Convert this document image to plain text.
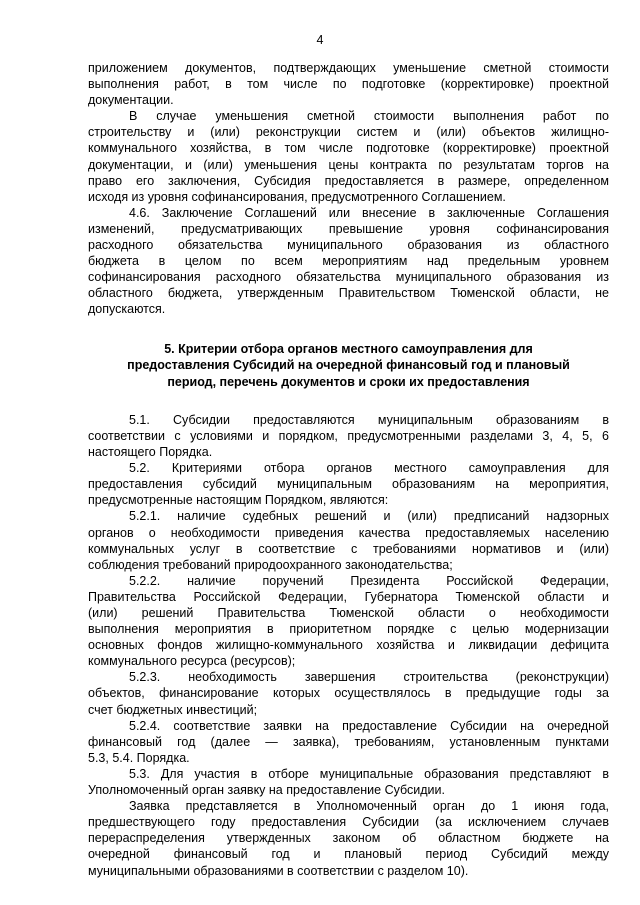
4
приложением документов, подтверждающих уменьшение сметной стоимости
выполнения работ, в том числе по подготовке (корректировке) проектной
документации.
В случае уменьшения сметной стоимости выполнения работ по
строительству и (или) реконструкции систем и (или) объектов жилищно-
коммунального хозяйства, в том числе подготовке (корректировке) проектной
документации, и (или) уменьшения цены контракта по результатам торгов на
право его заключения, Субсидия предоставляется в размере, определенном
исходя из уровня софинансирования, предусмотренного Соглашением.
4.6. Заключение Соглашений или внесение в заключенные Соглашения
изменений, предусматривающих превышение уровня софинансирования
расходного обязательства муниципального образования из областного
бюджета в целом по всем мероприятиям над предельным уровнем
софинансирования расходного обязательства муниципального образования из
областного бюджета, утвержденным Правительством Тюменской области, не
допускаются.
5. Критерии отбора органов местного самоуправления для
предоставления Субсидий на очередной финансовый год и плановый
период, перечень документов и сроки их предоставления
5.1. Субсидии предоставляются муниципальным образованиям в
соответствии с условиями и порядком, предусмотренными разделами 3, 4, 5, 6
настоящего Порядка.
5.2. Критериями отбора органов местного самоуправления для
предоставления субсидий муниципальным образованиям на мероприятия,
предусмотренные настоящим Порядком, являются:
5.2.1. наличие судебных решений и (или) предписаний надзорных
органов о необходимости приведения качества предоставляемых населению
коммунальных услуг в соответствие с требованиями нормативов и (или)
соблюдения требований природоохранного законодательства;
5.2.2. наличие поручений Президента Российской Федерации,
Правительства Российской Федерации, Губернатора Тюменской области и
(или) решений Правительства Тюменской области о необходимости
выполнения мероприятия в приоритетном порядке с целью модернизации
основных фондов жилищно-коммунального хозяйства и ликвидации дефицита
коммунального ресурса (ресурсов);
5.2.3. необходимость завершения строительства (реконструкции)
объектов, финансирование которых осуществлялось в предыдущие годы за
счет бюджетных инвестиций;
5.2.4. соответствие заявки на предоставление Субсидии на очередной
финансовый год (далее — заявка), требованиям, установленным пунктами
5.3, 5.4. Порядка.
5.3. Для участия в отборе муниципальные образования представляют в
Уполномоченный орган заявку на предоставление Субсидии.
Заявка представляется в Уполномоченный орган до 1 июня года,
предшествующего году предоставления Субсидии (за исключением случаев
перераспределения утвержденных законом об областном бюджете на
очередной финансовый год и плановый период Субсидий между
муниципальными образованиями в соответствии с разделом 10).
